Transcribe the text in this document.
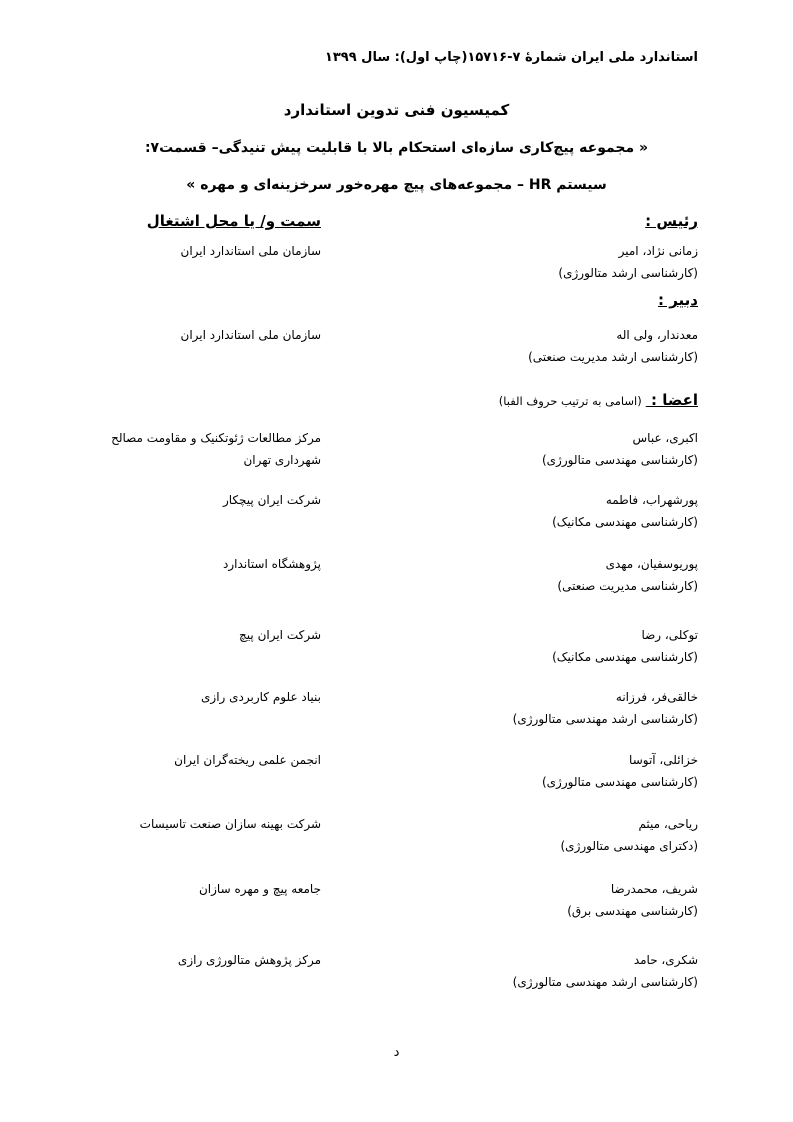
استاندارد ملی ایران شمارۀ ۷-۱۵۷۱۶(چاپ اول): سال ۱۳۹۹
کمیسیون فنی تدوین استاندارد
« مجموعه پیچ‌کاری سازه‌ای استحکام بالا با قابلیت پیش تنیدگی– قسمت۷:
سیستم HR – مجموعه‌های پیچ مهره‌خور سرخزینه‌ای و مهره »
رئیس :
سمت و/ یا محل اشتغال
زمانی نژاد، امیر
(کارشناسی ارشد متالورژی)
سازمان ملی استاندارد ایران
دبیر :
معدندار، ولی اله
(کارشناسی ارشد مدیریت صنعتی)
سازمان ملی استاندارد ایران
اعضا : (اسامی به ترتیب حروف الفبا)
اکبری، عباس
(کارشناسی مهندسی متالورژی)
مرکز مطالعات ژئوتکنیک و مقاومت مصالح شهرداری تهران
پورشهراب، فاطمه
(کارشناسی مهندسی مکانیک)
شرکت ایران پیچکار
پوریوسفیان، مهدی
(کارشناسی مدیریت صنعتی)
پژوهشگاه استاندارد
توکلی، رضا
(کارشناسی مهندسی مکانیک)
شرکت ایران پیچ
خالقی‌فر، فرزانه
(کارشناسی ارشد مهندسی متالورژی)
بنیاد علوم کاربردی رازی
خزائلی، آتوسا
(کارشناسی مهندسی متالورژی)
انجمن علمی ریخته‌گران ایران
ریاحی، میثم
(دکترای مهندسی متالورژی)
شرکت بهینه سازان صنعت تاسیسات
شریف، محمدرضا
(کارشناسی مهندسی برق)
جامعه پیچ و مهره سازان
شکری، حامد
(کارشناسی ارشد مهندسی متالورژی)
مرکز پژوهش متالورژی رازی
د
